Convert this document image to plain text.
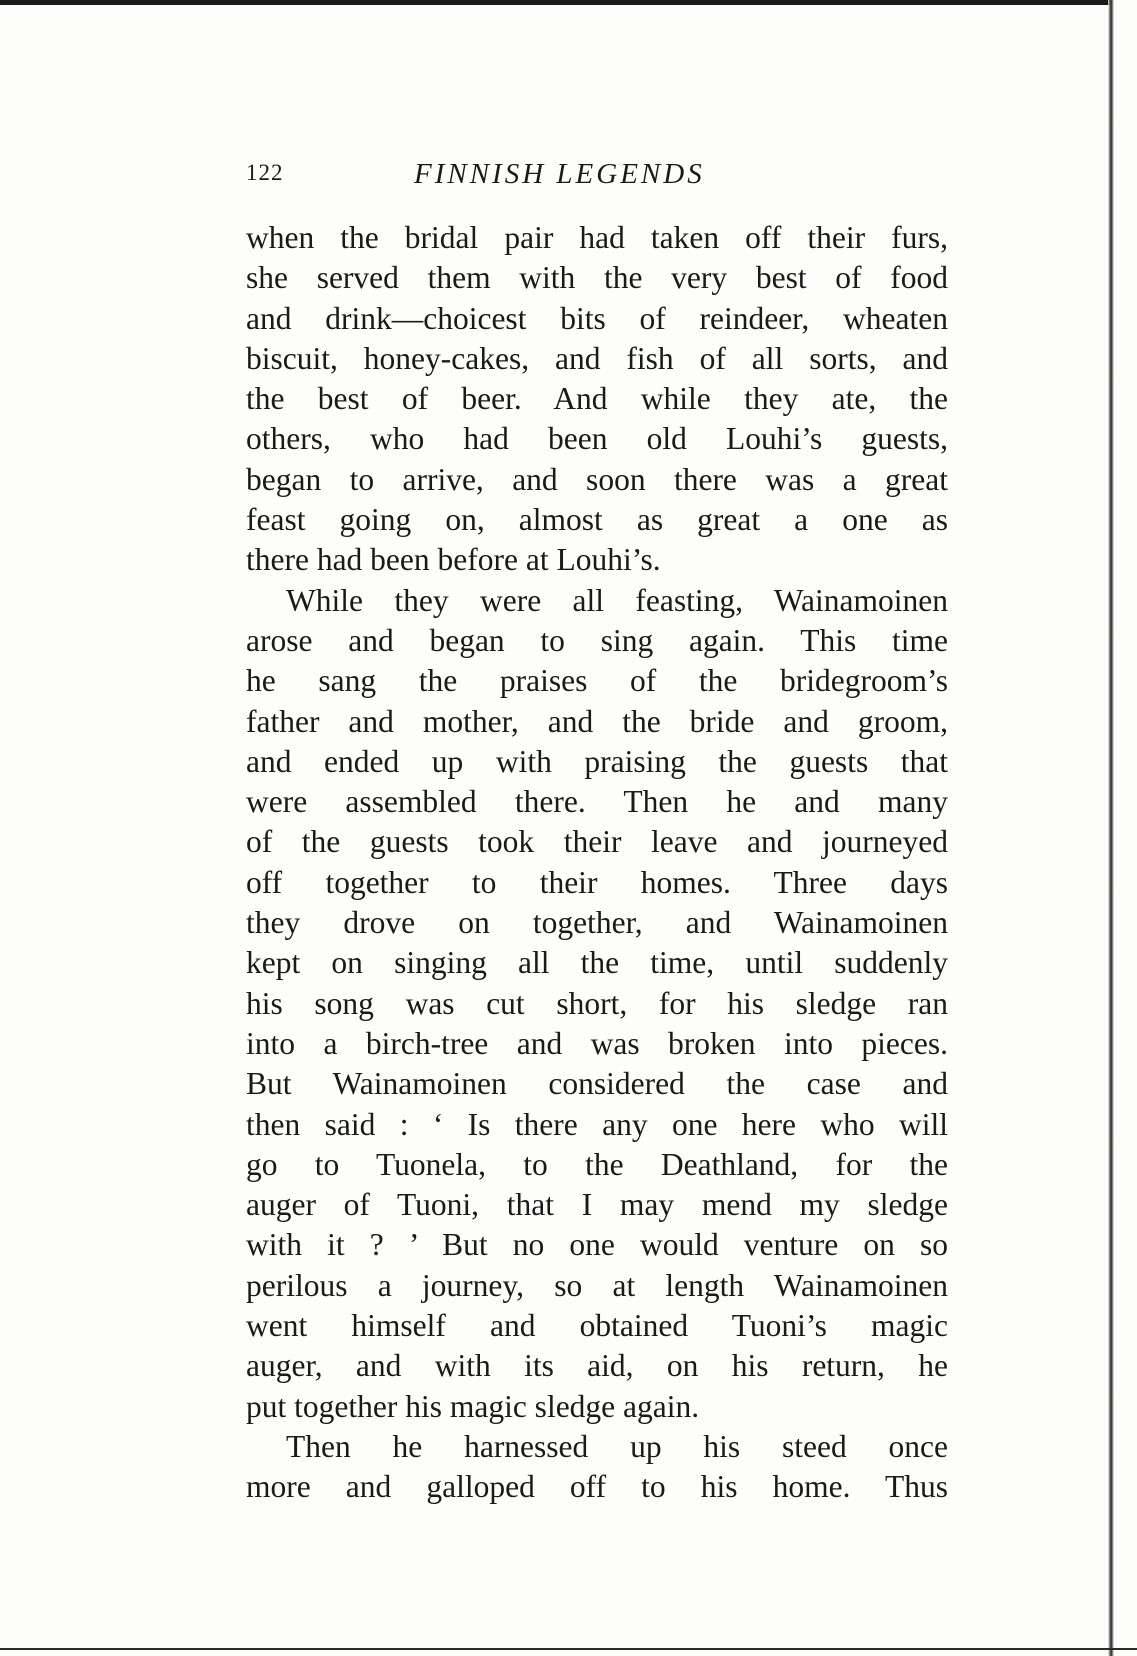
122	FINNISH LEGENDS
when the bridal pair had taken off their furs,
she served them with the very best of food
and drink—choicest bits of reindeer, wheaten
biscuit, honey-cakes, and fish of all sorts, and
the best of beer. And while they ate, the
others, who had been old Louhi’s guests,
began to arrive, and soon there was a great
feast going on, almost as great a one as
there had been before at Louhi’s.
While they were all feasting, Wainamoinen
arose and began to sing again. This time
he sang the praises of the bridegroom’s
father and mother, and the bride and groom,
and ended up with praising the guests that
were assembled there. Then he and many
of the guests took their leave and journeyed
off together to their homes. Three days
they drove on together, and Wainamoinen
kept on singing all the time, until suddenly
his song was cut short, for his sledge ran
into a birch-tree and was broken into pieces.
But Wainamoinen considered the case and
then said : ‘ Is there any one here who will
go to Tuonela, to the Deathland, for the
auger of Tuoni, that I may mend my sledge
with it ? ’ But no one would venture on so
perilous a journey, so at length Wainamoinen
went himself and obtained Tuoni’s magic
auger, and with its aid, on his return, he
put together his magic sledge again.
Then he harnessed up his steed once
more and galloped off to his home. Thus
